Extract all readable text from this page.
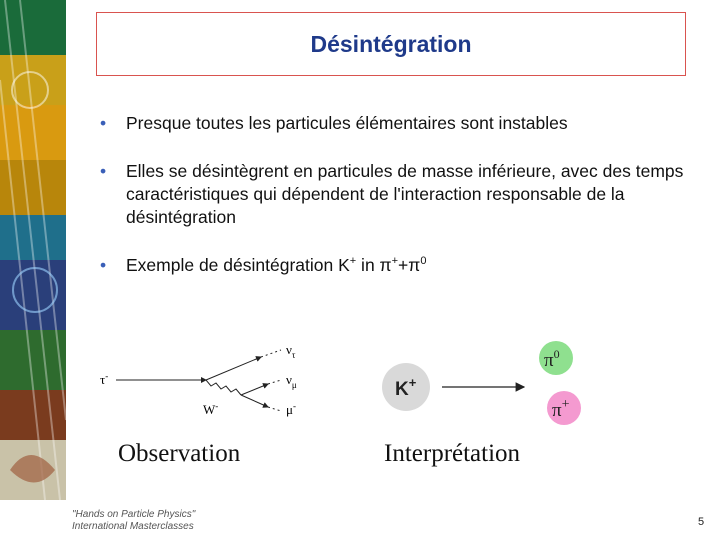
Désintégration
•	Presque toutes les particules élémentaires sont instables
•	Elles se désintègrent en particules de masse inférieure, avec des temps caractéristiques qui dépendent de l'interaction responsable de la désintégration
•	Exemple de désintégration K+ in $\pi^++\pi^0$
τ-
W-
$\nu_\tau$
$\nu_\mu$
μ-
K+
$\pi^0$
π+
Observation	Interprétation
"Hands on Particle Physics"
International Masterclasses	5
